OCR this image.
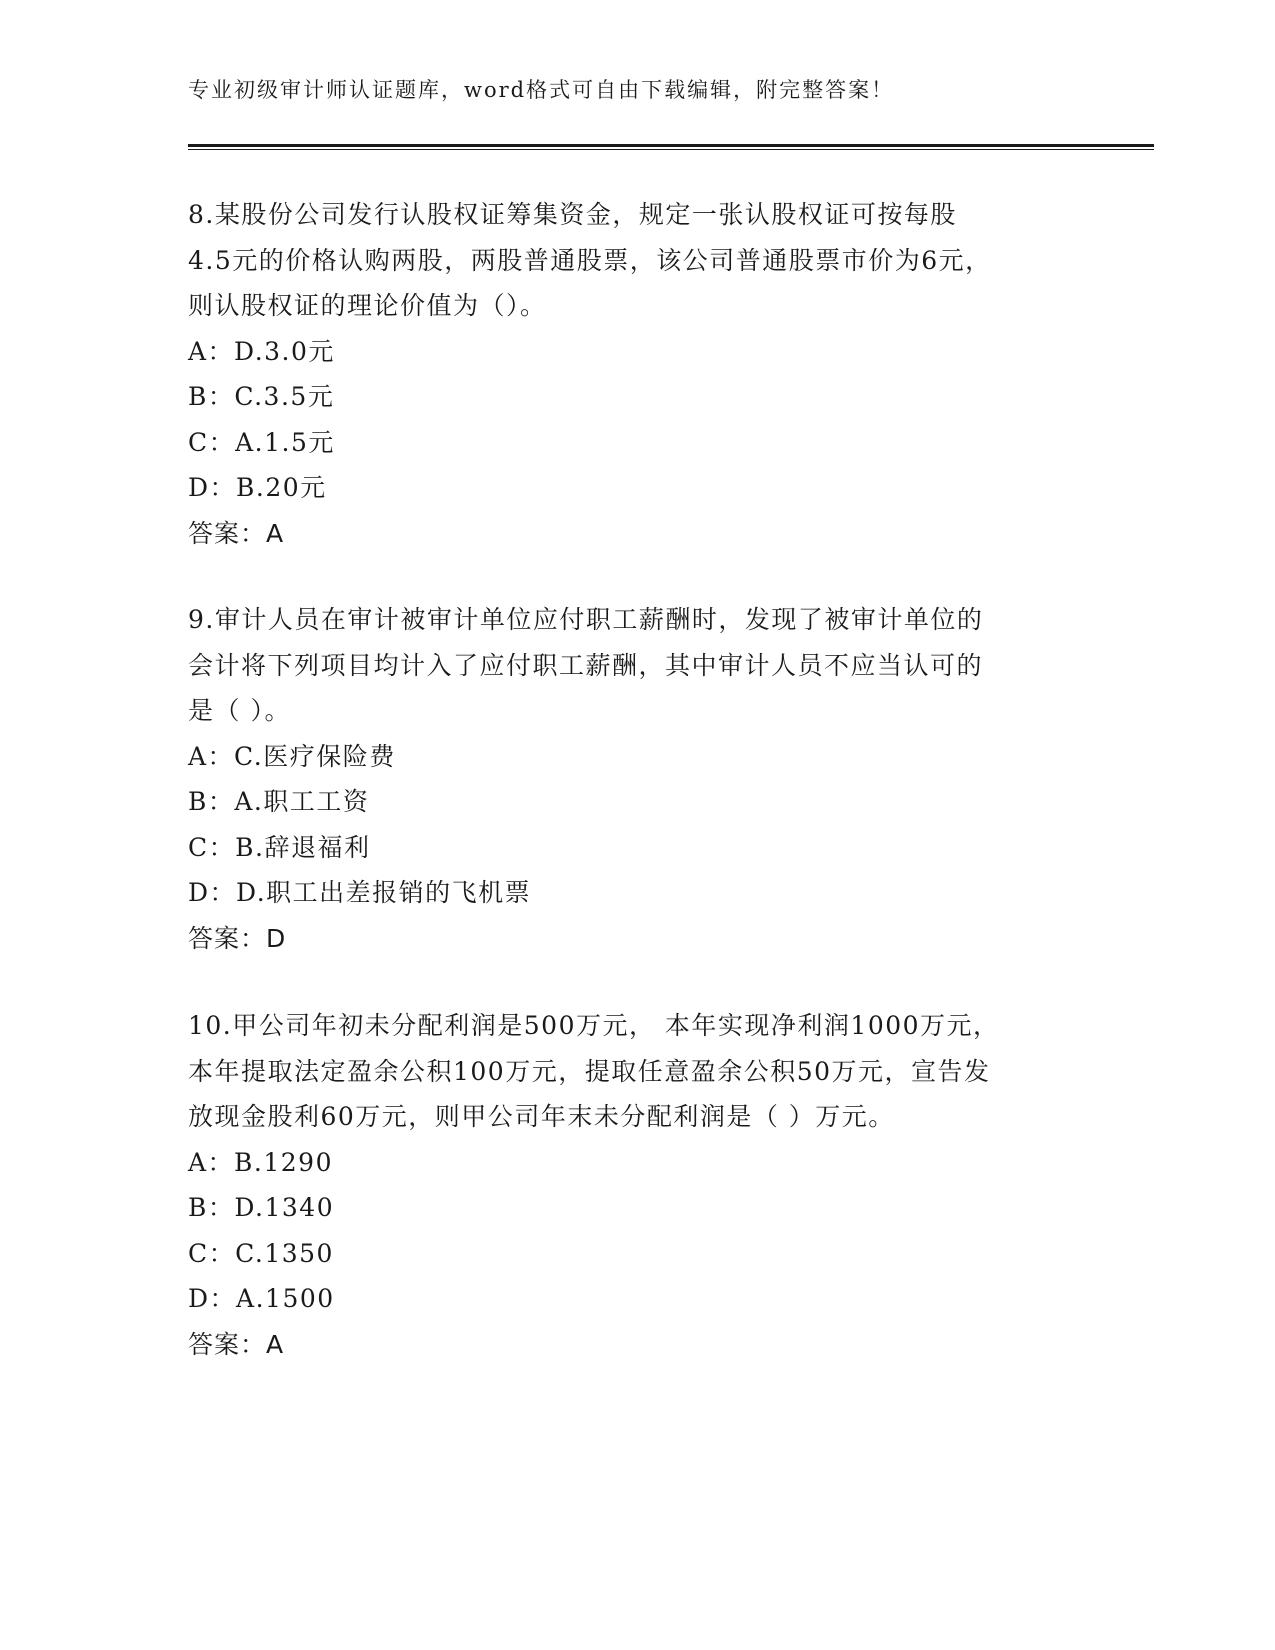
专业初级审计师认证题库，word格式可自由下载编辑，附完整答案！
8.某股份公司发行认股权证筹集资金，规定一张认股权证可按每股
4.5元的价格认购两股，两股普通股票，该公司普通股票市价为6元，
则认股权证的理论价值为（）。
A：D.3.0元
B：C.3.5元
C：A.1.5元
D：B.20元
答案：A
9.审计人员在审计被审计单位应付职工薪酬时，发现了被审计单位的
会计将下列项目均计入了应付职工薪酬，其中审计人员不应当认可的
是（ ）。
A：C.医疗保险费
B：A.职工工资
C：B.辞退福利
D：D.职工出差报销的飞机票
答案：D
10.甲公司年初未分配利润是500万元， 本年实现净利润1000万元，
本年提取法定盈余公积100万元，提取任意盈余公积50万元，宣告发
放现金股利60万元，则甲公司年末未分配利润是（ ）万元。
A：B.1290
B：D.1340
C：C.1350
D：A.1500
答案：A
